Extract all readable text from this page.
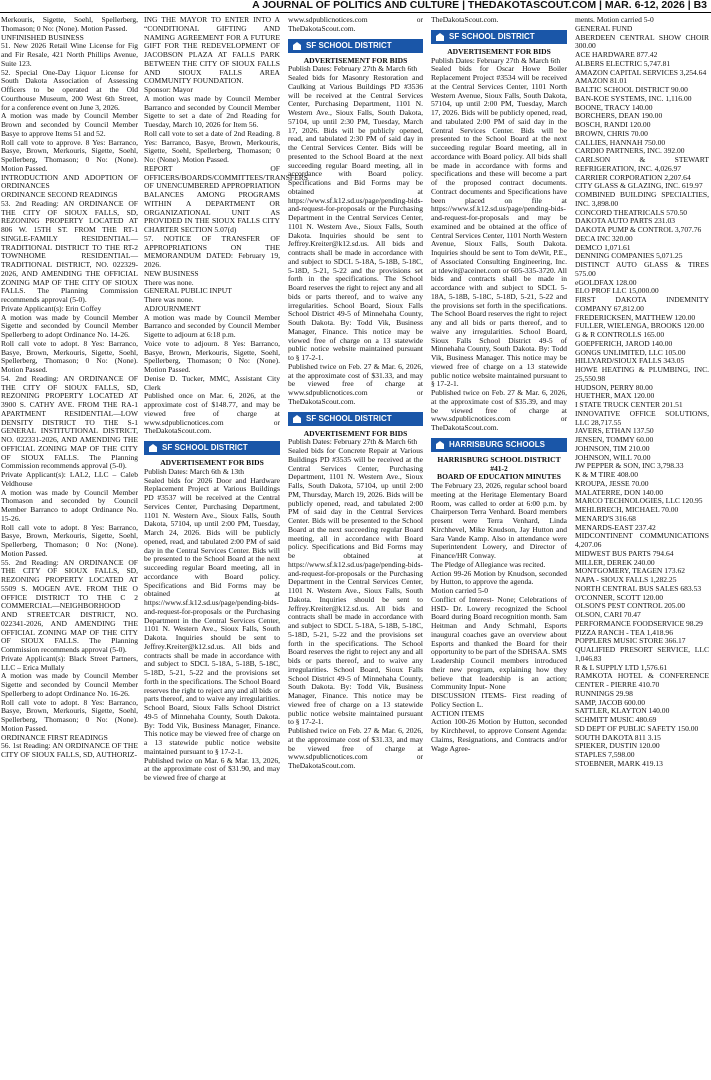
A JOURNAL OF POLITICS AND CULTURE | THEDAKOTASCOUT.COM | MAR. 6-12, 2026 | B3

Merkouris, Sigette, Soehl, Spellerberg, Thomason; 0 No: (None). Motion Passed.
UNFINISHED BUSINESS
51. New 2026 Retail Wine License for Fig and Fir Resale, 421 North Phillips Avenue, Suite 123.
52. Special One-Day Liquor License for South Dakota Association of Assessing Officers to be operated at the Old Courthouse Museum, 200 West 6th Street, for a conference event on June 3, 2026.
A motion was made by Council Member Brown and seconded by Council Member Basye to approve Items 51 and 52.
Roll call vote to approve. 8 Yes: Barranco, Basye, Brown, Merkouris, Sigette, Soehl, Spellerberg, Thomason; 0 No: (None). Motion Passed.
INTRODUCTION AND ADOPTION OF ORDINANCES
ORDINANCE SECOND READINGS
53. 2nd Reading: AN ORDINANCE OF THE CITY OF SIOUX FALLS, SD, REZONING PROPERTY LOCATED AT 806 W. 15TH ST. FROM THE RT-1 SINGLE-FAMILY RESIDENTIAL—TRADITIONAL DISTRICT TO THE RT-2 TOWNHOME RESIDENTIAL—TRADITIONAL DISTRICT, NO. 022329-2026, AND AMENDING THE OFFICIAL ZONING MAP OF THE CITY OF SIOUX FALLS. The Planning Commission recommends approval (5-0).
Private Applicant(s): Erin Coffey
A motion was made by Council Member Sigette and seconded by Council Member Spellerberg to adopt Ordinance No. 14-26.
Roll call vote to adopt. 8 Yes: Barranco, Basye, Brown, Merkouris, Sigette, Soehl, Spellerberg, Thomason; 0 No: (None). Motion Passed.
54. 2nd Reading: AN ORDINANCE OF THE CITY OF SIOUX FALLS, SD, REZONING PROPERTY LOCATED AT 3900 S. CATHY AVE. FROM THE RA-1 APARTMENT RESIDENTIAL—LOW DENSITY DISTRICT TO THE S-1 GENERAL INSTITUTIONAL DISTRICT, NO. 022331-2026, AND AMENDING THE OFFICIAL ZONING MAP OF THE CITY OF SIOUX FALLS. The Planning Commission recommends approval (5-0).
Private Applicant(s): LAL2, LLC – Caleb Veldhouse
A motion was made by Council Member Thomason and seconded by Council Member Barranco to adopt Ordinance No. 15-26.
Roll call vote to adopt. 8 Yes: Barranco, Basye, Brown, Merkouris, Sigette, Soehl, Spellerberg, Thomason; 0 No: (None). Motion Passed.
55. 2nd Reading: AN ORDINANCE OF THE CITY OF SIOUX FALLS, SD, REZONING PROPERTY LOCATED AT 5509 S. MOGEN AVE. FROM THE O OFFICE DISTRICT TO THE C 2 COMMERCIAL—NEIGHBORHOOD AND STREETCAR DISTRICT, NO. 022341-2026, AND AMENDING THE OFFICIAL ZONING MAP OF THE CITY OF SIOUX FALLS. The Planning Commission recommends approval (5-0).
Private Applicant(s): Black Street Partners, LLC – Erica Mullaly
A motion was made by Council Member Sigette and seconded by Council Member Spellerberg to adopt Ordinance No. 16-26.
Roll call vote to adopt. 8 Yes: Barranco, Basye, Brown, Merkouris, Sigette, Soehl, Spellerberg, Thomason; 0 No: (None). Motion Passed.
ORDINANCE FIRST READINGS
56. 1st Reading: AN ORDINANCE OF THE CITY OF SIOUX FALLS, SD, AUTHORIZ-

ING THE MAYOR TO ENTER INTO A “CONDITIONAL GIFTING AND NAMING AGREEMENT FOR A FUTURE GIFT FOR THE REDEVELOPMENT OF JACOBSON PLAZA AT FALLS PARK BETWEEN THE CITY OF SIOUX FALLS AND SIOUX FALLS AREA COMMUNITY FOUNDATION.
Sponsor: Mayor
A motion was made by Council Member Barranco and seconded by Council Member Sigette to set a date of 2nd Reading for Tuesday, March 10, 2026 for Item 56.
Roll call vote to set a date of 2nd Reading. 8 Yes: Barranco, Basye, Brown, Merkouris, Sigette, Soehl, Spellerberg, Thomason; 0 No: (None). Motion Passed.
REPORT OF OFFICERS/BOARDS/COMMITTEES/TRANSFERS OF UNENCUMBERED APPROPRIATION BALANCES AMONG PROGRAMS WITHIN A DEPARTMENT OR ORGANIZATIONAL UNIT AS PROVIDED IN THE SIOUX FALLS CITY CHARTER SECTION 5.07(d)
57. NOTICE OF TRANSFER OF APPROPRIATIONS ON THE MEMORANDUM DATED: February 19, 2026.
NEW BUSINESS
There was none.
GENERAL PUBLIC INPUT
There was none.
ADJOURNMENT
A motion was made by Council Member Barranco and seconded by Council Member Sigette to adjourn at 6:18 p.m.
Voice vote to adjourn. 8 Yes: Barranco, Basye, Brown, Merkouris, Sigette, Soehl, Spellerberg, Thomason; 0 No: (None). Motion Passed.
Denise D. Tucker, MMC, Assistant City Clerk
Published once on Mar. 6, 2026, at the approximate cost of $148.77, and may be viewed free of charge at www.sdpublicnotices.com or TheDakotaScout.com.

SF SCHOOL DISTRICT

ADVERTISEMENT FOR BIDS

Publish Dates: March 6th & 13th
Sealed bids for 2026 Door and Hardware Replacement Project at Various Buildings PD #3537 will be received at the Central Services Center, Purchasing Department, 1101 N. Western Ave., Sioux Falls, South Dakota, 57104, up until 2:00 PM, Tuesday, March 24, 2026. Bids will be publicly opened, read, and tabulated 2:00 PM of said day in the Central Services Center. Bids will be presented to the School Board at the next succeeding regular Board meeting, all in accordance with Board policy. Specifications and Bid Forms may be obtained at https://www.sf.k12.sd.us/page/pending-bids-and-request-for-proposals or the Purchasing Department in the Central Services Center, 1101 N. Western Ave., Sioux Falls, South Dakota. Inquiries should be sent to Jeffrey.Kreiter@k12.sd.us. All bids and contracts shall be made in accordance with and subject to SDCL 5-18A, 5-18B, 5-18C, 5-18D, 5-21, 5-22 and the provisions set forth in the specifications. The School Board reserves the right to reject any and all bids or parts thereof, and to waive any irregularities. School Board, Sioux Falls School District 49-5 of Minnehaha County, South Dakota. By: Todd Vik, Business Manager, Finance. This notice may be viewed free of charge on a 13 statewide public notice website maintained pursuant to § 17-2-1.
Published twice on Mar. 6 & Mar. 13, 2026, at the approximate cost of $31.90, and may be viewed free of charge at

www.sdpublicnotices.com or TheDakotaScout.com.

SF SCHOOL DISTRICT

ADVERTISEMENT FOR BIDS

Publish Dates: February 27th & March 6th
Sealed bids for Masonry Restoration and Caulking at Various Buildings PD #3536 will be received at the Central Services Center, Purchasing Department, 1101 N. Western Ave., Sioux Falls, South Dakota, 57104, up until 2:30 PM, Tuesday, March 17, 2026. Bids will be publicly opened, read, and tabulated 2:30 PM of said day in the Central Services Center. Bids will be presented to the School Board at the next succeeding regular Board meeting, all in accordance with Board policy. Specifications and Bid Forms may be obtained at https://www.sf.k12.sd.us/page/pending-bids-and-request-for-proposals or the Purchasing Department in the Central Services Center, 1101 N. Western Ave., Sioux Falls, South Dakota. Inquiries should be sent to Jeffrey.Kreiter@k12.sd.us. All bids and contracts shall be made in accordance with and subject to SDCL 5-18A, 5-18B, 5-18C, 5-18D, 5-21, 5-22 and the provisions set forth in the specifications. The School Board reserves the right to reject any and all bids or parts thereof, and to waive any irregularities. School Board, Sioux Falls School District 49-5 of Minnehaha County, South Dakota. By: Todd Vik, Business Manager, Finance. This notice may be viewed free of charge on a 13 statewide public notice website maintained pursuant to § 17-2-1.
Published twice on Feb. 27 & Mar. 6, 2026, at the approximate cost of $31.33, and may be viewed free of charge at www.sdpublicnotices.com or TheDakotaScout.com.

SF SCHOOL DISTRICT

ADVERTISEMENT FOR BIDS

Publish Dates: February 27th & March 6th
Sealed bids for Concrete Repair at Various Buildings PD #3535 will be received at the Central Services Center, Purchasing Department, 1101 N. Western Ave., Sioux Falls, South Dakota, 57104, up until 2:00 PM, Thursday, March 19, 2026. Bids will be publicly opened, read, and tabulated 2:00 PM of said day in the Central Services Center. Bids will be presented to the School Board at the next succeeding regular Board meeting, all in accordance with Board policy. Specifications and Bid Forms may be obtained at https://www.sf.k12.sd.us/page/pending-bids-and-request-for-proposals or the Purchasing Department in the Central Services Center, 1101 N. Western Ave., Sioux Falls, South Dakota. Inquiries should be sent to Jeffrey.Kreiter@k12.sd.us. All bids and contracts shall be made in accordance with and subject to SDCL 5-18A, 5-18B, 5-18C, 5-18D, 5-21, 5-22 and the provisions set forth in the specifications. The School Board reserves the right to reject any and all bids or parts thereof, and to waive any irregularities. School Board, Sioux Falls School District 49-5 of Minnehaha County, South Dakota. By: Todd Vik, Business Manager, Finance. This notice may be viewed free of charge on a 13 statewide public notice website maintained pursuant to § 17-2-1.
Published twice on Feb. 27 & Mar. 6, 2026, at the approximate cost of $31.33, and may be viewed free of charge at www.sdpublicnotices.com or TheDakotaScout.com.

TheDakotaScout.com.

SF SCHOOL DISTRICT

ADVERTISEMENT FOR BIDS

Publish Dates: February 27th & March 6th
Sealed bids for Oscar Howe Boiler Replacement Project #3534 will be received at the Central Services Center, 1101 North Western Avenue, Sioux Falls, South Dakota, 57104, up until 2:00 PM, Tuesday, March 17, 2026. Bids will be publicly opened, read, and tabulated 2:00 PM of said day in the Central Services Center. Bids will be presented to the School Board at the next succeeding regular Board meeting, all in accordance with Board policy. All bids shall be made in accordance with forms and specifications and these will become a part of the proposed contract documents. Contract documents and Specifications have been placed on file at https://www.sf.k12.sd.us/page/pending-bids-and-request-for-proposals and may be examined and be obtained at the office of Central Services Center, 1101 North Western Avenue, Sioux Falls, South Dakota. Inquiries should be sent to Tom deWit, P.E., of Associated Consulting Engineering, Inc. at tdewit@aceinet.com or 605-335-3720. All bids and contracts shall be made in accordance with and subject to SDCL 5-18A, 5-18B, 5-18C, 5-18D, 5-21, 5-22 and the provisions set forth in the specifications. The School Board reserves the right to reject any and all bids or parts thereof, and to waive any irregularities. School Board, Sioux Falls School District 49-5 of Minnehaha County, South Dakota. By: Todd Vik, Business Manager. This notice may be viewed free of charge on a 13 statewide public notice website maintained pursuant to § 17-2-1.
Published twice on Feb. 27 & Mar. 6, 2026, at the approximate cost of $35.39, and may be viewed free of charge at www.sdpublicnotices.com or TheDakotaScout.com.

HARRISBURG SCHOOLS

HARRISBURG SCHOOL DISTRICT #41-2
BOARD OF EDUCATION MINUTES

The February 23, 2026, regular school board meeting at the Heritage Elementary Board Room, was called to order at 6:00 p.m. by Chairperson Terra Venhard. Board members present were Terra Venhard, Linda Kirchhevel, Mike Knudson, Jay Hutton and Sara Vande Kamp. Also in attendance were Superintendent Lowery, and Director of Finance/HR Conway.
The Pledge of Allegiance was recited.
Action 99-26 Motion by Knudson, seconded by Hutton, to approve the agenda.
Motion carried 5-0
Conflict of Interest- None; Celebrations of HSD- Dr. Lowery recognized the School Board during Board recognition month. Sam Heitman and Andy Schmahl, Esports inaugural coaches gave an overview about Esports and thanked the Board for their opportunity to be part of the SDHSAA. SMS Leadership Council members introduced their new program, explaining how they believe that leadership is an action; Community Input- None
DISCUSSION ITEMS- First reading of Policy Section L.
ACTION ITEMS
Action 100-26 Motion by Hutton, seconded by Kirchhevel, to approve Consent Agenda: Claims, Resignations, and Contracts and/or Wage Agree-

ments. Motion carried 5-0
GENERAL FUND
ABERDEEN CENTRAL SHOW CHOIR 300.00
ACE HARDWARE 877.42
ALBERS ELECTRIC 5,747.81
AMAZON CAPITAL SERVICES 3,254.64
AMAZON 81.01
BALTIC SCHOOL DISTRICT 90.00
BAN-KOE SYSTEMS, INC. 1,116.00
BOONE, TRACY 140.00
BORCHERS, DEAN 190.00
BOSCH, RANDI 120.00
BROWN, CHRIS 70.00
CALLIES, HANNAH 750.00
CARDIO PARTNERS, INC. 392.00
CARLSON & STEWART REFRIGERATION, INC. 4,026.97
CARRIER CORPORATION 2,207.64
CITY GLASS & GLAZING, INC. 619.97
COMBINED BUILDING SPECIALTIES, INC. 3,898.00
CONCORD THEATRICALS 570.50
DAKOTA AUTO PARTS 231.03
DAKOTA PUMP & CONTROL 3,707.76
DECA INC 320.00
DEMCO 1,071.61
DENNING COMPANIES 5,071.25
DISTINCT AUTO GLASS & TIRES 575.00
eGOLDFAX 128.00
ELO PROF LLC 15,000.00
FIRST DAKOTA INDEMNITY COMPANY 67,812.00
FREDERICKSEN, MATTHEW 120.00
FULLER, WIELENGA, BROOKS 120.00
G & R CONTROLLS 165.00
GOEPFERICH, JAROD 140.00
GONGS UNLIMITED, LLC 105.00
HILLYARD/SIOUX FALLS 343.05
HOWE HEATING & PLUMBING, INC. 25,550.98
HUDSON, PERRY 80.00
HUETHER, MAX 120.00
I STATE TRUCK CENTER 201.51
INNOVATIVE OFFICE SOLUTIONS, LLC 28,717.55
JAVERS, ETHAN 137.50
JENSEN, TOMMY 60.00
JOHNSON, TIM 210.00
JOHNSON, WILL 70.00
JW PEPPER & SON, INC 3,798.33
K & M TIRE 408.00
KROUPA, JESSE 70.00
MALATERRE, DON 140.00
MARCO TECHNOLOGIES, LLC 120.95
MEHLBRECH, MICHAEL 70.00
MENARD'S 316.68
MENARDS-EAST 237.42
MIDCONTINENT COMMUNICATIONS 4,207.06
MIDWEST BUS PARTS 794.64
MILLER, DEREK 240.00
MONTGOMERY, TEAGEN 173.62
NAPA - SIOUX FALLS 1,282.25
NORTH CENTRAL BUS SALES 683.53
O'CONNER, SCOTT 120.00
OLSON'S PEST CONTROL 205.00
OLSON, CARI 70.47
PERFORMANCE FOODSERVICE 98.29
PIZZA RANCH - TEA 1,418.96
POPPLERS MUSIC STORE 366.17
QUALIFIED PRESORT SERVICE, LLC 1,046.83
R & L SUPPLY LTD 1,576.61
RAMKOTA HOTEL & CONFERENCE CENTER - PIERRE 410.70
RUNNINGS 29.98
SAMP, JACOB 600.00
SATTLER, KLAYTON 140.00
SCHMITT MUSIC 480.69
SD DEPT OF PUBLIC SAFETY 150.00
SOUTH DAKOTA 811 3.15
SPIEKER, DUSTIN 120.00
STAPLES 7,598.00
STOEBNER, MARK 419.13
